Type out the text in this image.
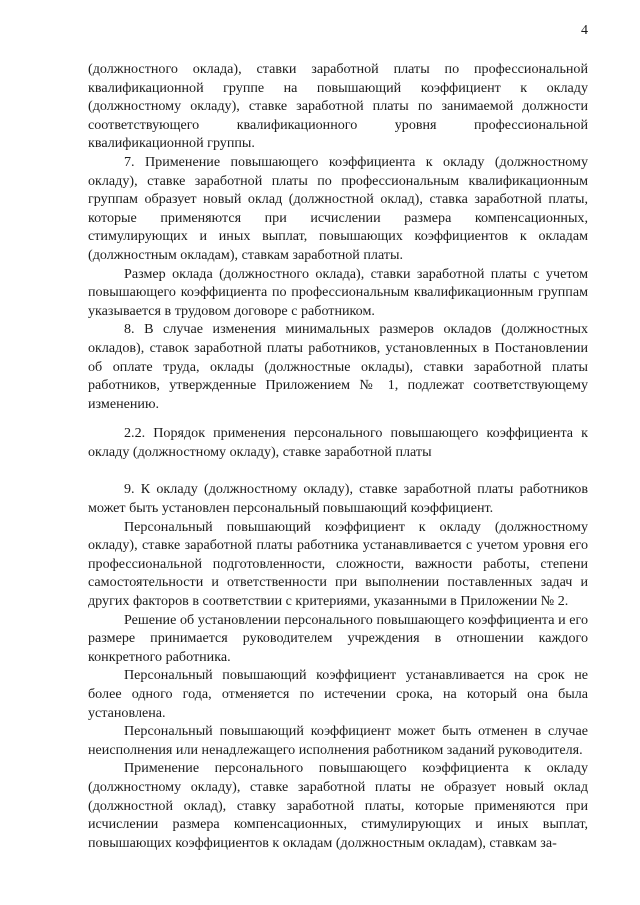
4

(должностного оклада), ставки заработной платы по профессиональной квалификационной группе на повышающий коэффициент к окладу (должностному окладу), ставке заработной платы по занимаемой должности соответствующего квалификационного уровня профессиональной квалификационной группы.

7. Применение повышающего коэффициента к окладу (должностному окладу), ставке заработной платы по профессиональным квалификационным группам образует новый оклад (должностной оклад), ставка заработной платы, которые применяются при исчислении размера компенсационных, стимулирующих и иных выплат, повышающих коэффициентов к окладам (должностным окладам), ставкам заработной платы.

Размер оклада (должностного оклада), ставки заработной платы с учетом повышающего коэффициента по профессиональным квалификационным группам указывается в трудовом договоре с работником.

8. В случае изменения минимальных размеров окладов (должностных окладов), ставок заработной платы работников, установленных в Постановлении об оплате труда, оклады (должностные оклады), ставки заработной платы работников, утвержденные Приложением № 1, подлежат соответствующему изменению.

2.2. Порядок применения персонального повышающего коэффициента к окладу (должностному окладу), ставке заработной платы

9. К окладу (должностному окладу), ставке заработной платы работников может быть установлен персональный повышающий коэффициент.

Персональный повышающий коэффициент к окладу (должностному окладу), ставке заработной платы работника устанавливается с учетом уровня его профессиональной подготовленности, сложности, важности работы, степени самостоятельности и ответственности при выполнении поставленных задач и других факторов в соответствии с критериями, указанными в Приложении № 2.

Решение об установлении персонального повышающего коэффициента и его размере принимается руководителем учреждения в отношении каждого конкретного работника.

Персональный повышающий коэффициент устанавливается на срок не более одного года, отменяется по истечении срока, на который она была установлена.

Персональный повышающий коэффициент может быть отменен в случае неисполнения или ненадлежащего исполнения работником заданий руководителя.

Применение персонального повышающего коэффициента к окладу (должностному окладу), ставке заработной платы не образует новый оклад (должностной оклад), ставку заработной платы, которые применяются при исчислении размера компенсационных, стимулирующих и иных выплат, повышающих коэффициентов к окладам (должностным окладам), ставкам за-
